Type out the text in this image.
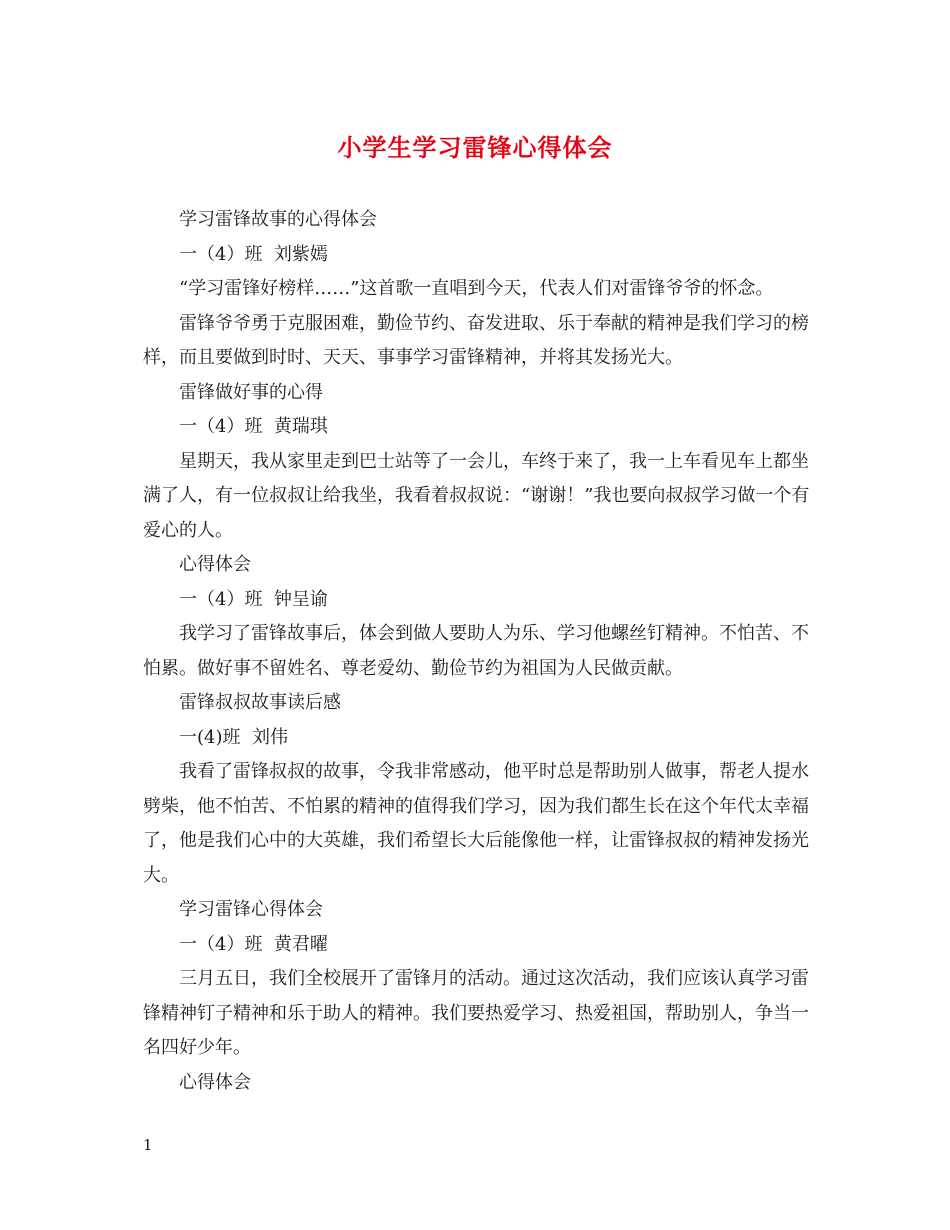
小学生学习雷锋心得体会

学习雷锋故事的心得体会

一（4）班  刘紫嫣

“学习雷锋好榜样……”这首歌一直唱到今天，代表人们对雷锋爷爷的怀念。

雷锋爷爷勇于克服困难，勤俭节约、奋发进取、乐于奉献的精神是我们学习的榜样，而且要做到时时、天天、事事学习雷锋精神，并将其发扬光大。

雷锋做好事的心得

一（4）班  黄瑞琪

星期天，我从家里走到巴士站等了一会儿，车终于来了，我一上车看见车上都坐满了人，有一位叔叔让给我坐，我看着叔叔说：“谢谢！”我也要向叔叔学习做一个有爱心的人。

心得体会

一（4）班  钟呈谕

我学习了雷锋故事后，体会到做人要助人为乐、学习他螺丝钉精神。不怕苦、不怕累。做好事不留姓名、尊老爱幼、勤俭节约为祖国为人民做贡献。

雷锋叔叔故事读后感

一(4)班  刘伟

我看了雷锋叔叔的故事，令我非常感动，他平时总是帮助别人做事，帮老人提水劈柴，他不怕苦、不怕累的精神的值得我们学习，因为我们都生长在这个年代太幸福了，他是我们心中的大英雄，我们希望长大后能像他一样，让雷锋叔叔的精神发扬光大。

学习雷锋心得体会

一（4）班  黄君曜

三月五日，我们全校展开了雷锋月的活动。通过这次活动，我们应该认真学习雷锋精神钉子精神和乐于助人的精神。我们要热爱学习、热爱祖国，帮助别人，争当一名四好少年。

心得体会

1
